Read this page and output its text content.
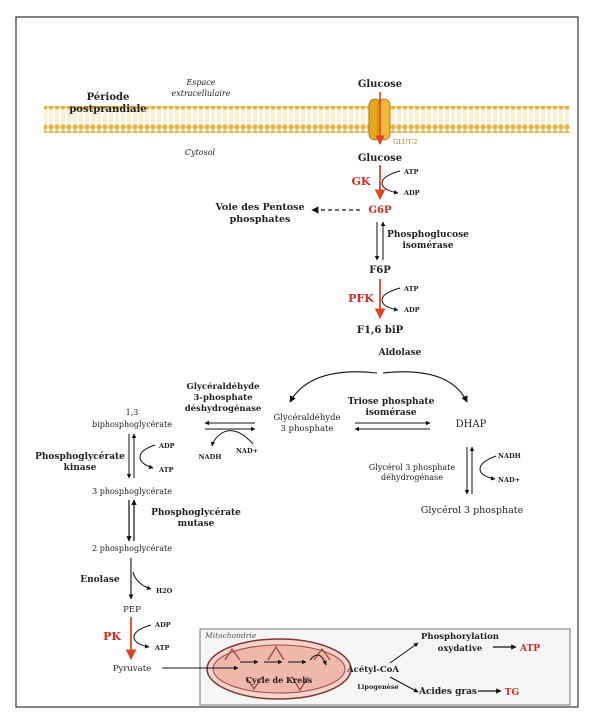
Période
postprandiale
Espace
extracellulaire
Cytosol
GLUT-2
Glucose
Glucose
GK
ATP
ADP
G6P
Voie des Pentose
phosphates
Phosphoglucose
isomérase
F6P
PFK
ATP
ADP
F1,6 biP
Aldolase
Glycéraldéhyde
3 phosphate	DHAP
Triose phosphate
isomérase
NADH
NAD+
Glycérol 3 phosphate
déhydrogénase
Glycérol 3 phosphate
NADH
NAD+
Glycéraldéhyde
3-phosphate
déshydrogénase
1,3
biphosphoglycérate
ADP
ATP
Phosphoglycérate
kinase
3 phosphoglycérate
Phosphoglycérate
mutase
2 phosphoglycérate
H2O
Enolase
PEP
PK
ADP
ATP
Pyruvate
Mitochondrie
Cycle de Krebs
Acétyl-CoA
Phosphorylation
oxydative
Lipogenèse Acides gras
ATP
TG
